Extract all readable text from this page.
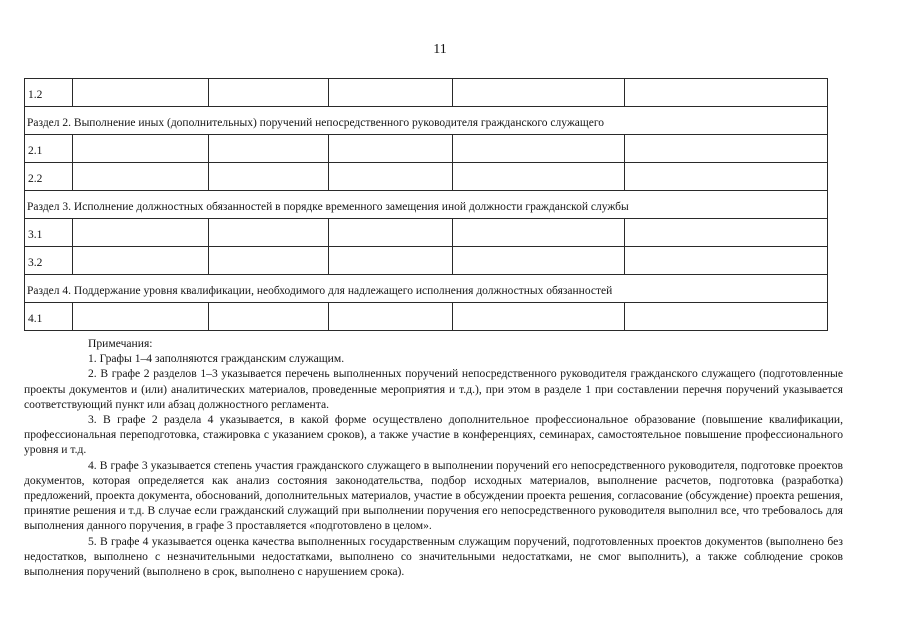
11
1.2					
Раздел 2. Выполнение иных (дополнительных) поручений непосредственного руководителя гражданского служащего					
2.1					
2.2					
Раздел 3. Исполнение должностных обязанностей в порядке временного замещения иной должности гражданской службы					
3.1					
3.2					
Раздел 4. Поддержание уровня квалификации, необходимого для надлежащего исполнения должностных обязанностей					
4.1					

Примечания:

1. Графы 1–4 заполняются гражданским служащим.

2. В графе 2 разделов 1–3 указывается перечень выполненных поручений непосредственного руководителя гражданского служащего (подготовленные проекты документов и (или) аналитических материалов, проведенные мероприятия и т.д.), при этом в разделе 1 при составлении перечня поручений указывается соответствующий пункт или абзац должностного регламента.

3. В графе 2 раздела 4 указывается, в какой форме осуществлено дополнительное профессиональное образование (повышение квалификации, профессиональная переподготовка, стажировка с указанием сроков), а также участие в конференциях, семинарах, самостоятельное повышение профессионального уровня и т.д.

4. В графе 3 указывается степень участия гражданского служащего в выполнении поручений его непосредственного руководителя, подготовке проектов документов, которая определяется как анализ состояния законодательства, подбор исходных материалов, выполнение расчетов, подготовка (разработка) предложений, проекта документа, обоснований, дополнительных материалов, участие в обсуждении проекта решения, согласование (обсуждение) проекта решения, принятие решения и т.д. В случае если гражданский служащий при выполнении поручения его непосредственного руководителя выполнил все, что требовалось для выполнения данного поручения, в графе 3 проставляется «подготовлено в целом».

5. В графе 4 указывается оценка качества выполненных государственным служащим поручений, подготовленных проектов документов (выполнено без недостатков, выполнено с незначительными недостатками, выполнено со значительными недостатками, не смог выполнить), а также соблюдение сроков выполнения поручений (выполнено в срок, выполнено с нарушением срока).
